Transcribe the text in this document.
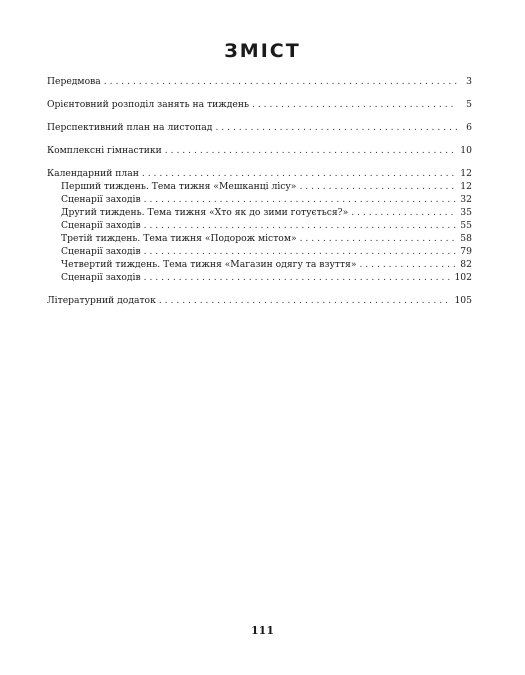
ЗМІСТ
Передмова . . .	3
Орієнтовний розподіл занять на тиждень . . .	5
Перспективний план на листопад . . .	6
Комплексні гімнастики . . .	10
Календарний план . . .	12
Перший тиждень. Тема тижня «Мешканці лісу» . . .	12
Сценарії заходів . . .	32
Другий тиждень. Тема тижня «Хто як до зими готується?» . . .	35
Сценарії заходів . . .	55
Третій тиждень. Тема тижня «Подорож містом» . . .	58
Сценарії заходів . . .	79
Четвертий тиждень. Тема тижня «Магазин одягу та взуття» . . .	82
Сценарії заходів . . .	102
Літературний додаток . . .	105
111
